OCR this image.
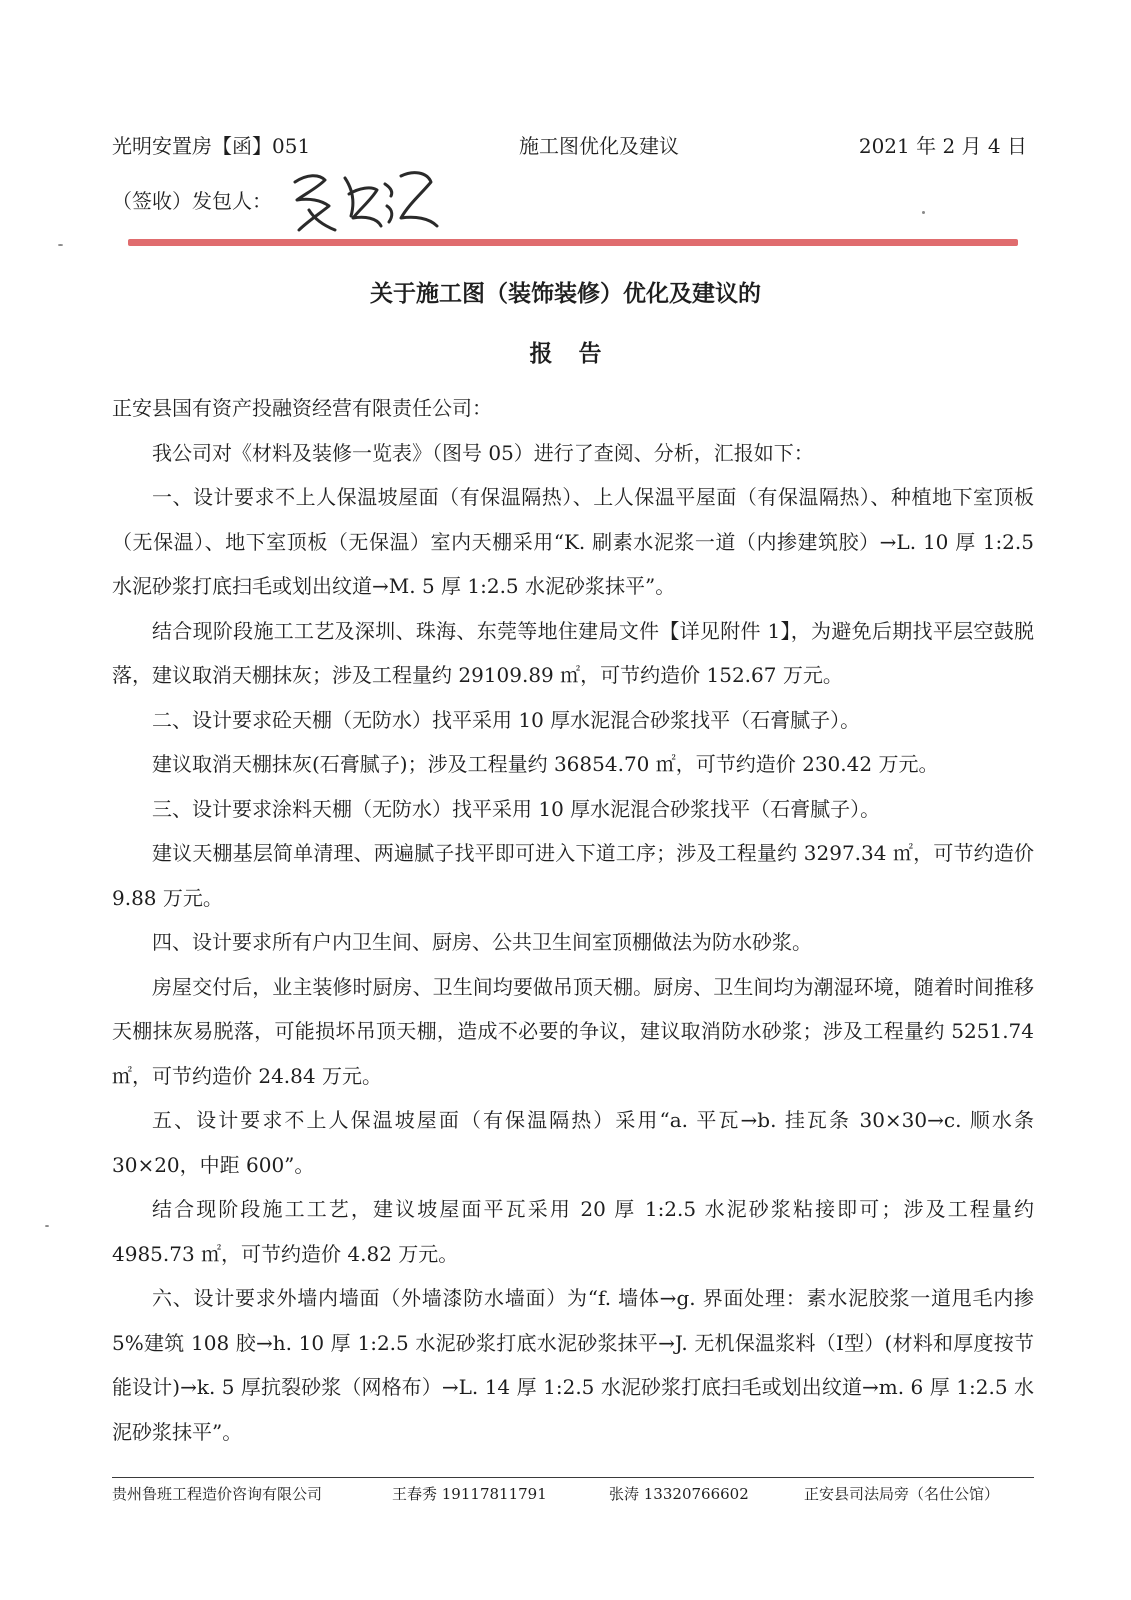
光明安置房【函】051	施工图优化及建议	2021 年 2 月 4 日
（签收）发包人：
关于施工图（装饰装修）优化及建议的
报告

正安县国有资产投融资经营有限责任公司：

我公司对《材料及装修一览表》（图号 05）进行了查阅、分析，汇报如下：

一、设计要求不上人保温坡屋面（有保温隔热）、上人保温平屋面（有保温隔热）、种植地下室顶板（无保温）、地下室顶板（无保温）室内天棚采用“K. 刷素水泥浆一道（内掺建筑胶）→L. 10 厚 1:2.5 水泥砂浆打底扫毛或划出纹道→M. 5 厚 1:2.5 水泥砂浆抹平”。

结合现阶段施工工艺及深圳、珠海、东莞等地住建局文件【详见附件 1】，为避免后期找平层空鼓脱落，建议取消天棚抹灰；涉及工程量约 29109.89 ㎡，可节约造价 152.67 万元。

二、设计要求砼天棚（无防水）找平采用 10 厚水泥混合砂浆找平（石膏腻子）。

建议取消天棚抹灰(石膏腻子)；涉及工程量约 36854.70 ㎡，可节约造价 230.42 万元。

三、设计要求涂料天棚（无防水）找平采用 10 厚水泥混合砂浆找平（石膏腻子）。

建议天棚基层简单清理、两遍腻子找平即可进入下道工序；涉及工程量约 3297.34 ㎡，可节约造价 9.88 万元。

四、设计要求所有户内卫生间、厨房、公共卫生间室顶棚做法为防水砂浆。

房屋交付后，业主装修时厨房、卫生间均要做吊顶天棚。厨房、卫生间均为潮湿环境，随着时间推移天棚抹灰易脱落，可能损坏吊顶天棚，造成不必要的争议，建议取消防水砂浆；涉及工程量约 5251.74 ㎡，可节约造价 24.84 万元。

五、设计要求不上人保温坡屋面（有保温隔热）采用“a. 平瓦→b. 挂瓦条 30×30→c. 顺水条 30×20，中距 600”。

结合现阶段施工工艺，建议坡屋面平瓦采用 20 厚 1:2.5 水泥砂浆粘接即可；涉及工程量约 4985.73 ㎡，可节约造价 4.82 万元。

六、设计要求外墙内墙面（外墙漆防水墙面）为“f. 墙体→g. 界面处理：素水泥胶浆一道甩毛内掺 5%建筑 108 胶→h. 10 厚 1:2.5 水泥砂浆打底水泥砂浆抹平→J. 无机保温浆料（Ⅰ型）(材料和厚度按节能设计)→k. 5 厚抗裂砂浆（网格布）→L. 14 厚 1:2.5 水泥砂浆打底扫毛或划出纹道→m. 6 厚 1:2.5 水泥砂浆抹平”。

贵州鲁班工程造价咨询有限公司	王春秀 19117811791	张涛 13320766602	正安县司法局旁（名仕公馆）
